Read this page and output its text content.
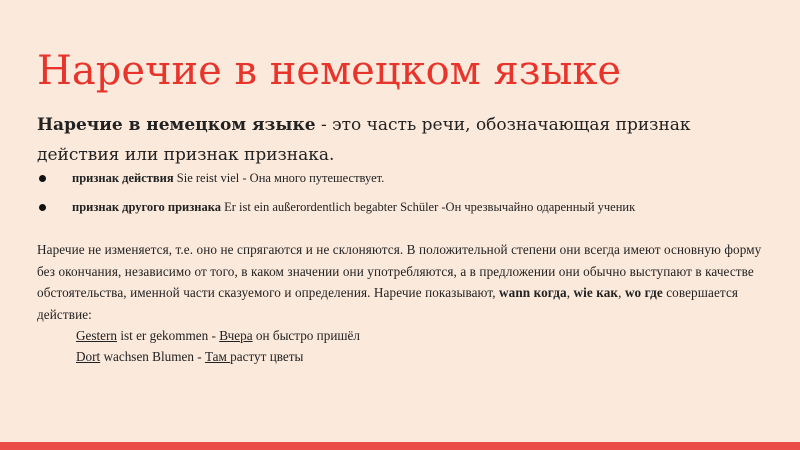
Наречие в немецком языке
Наречие в немецком языке - это часть речи, обозначающая признак действия или признак признака.
признак действия Sie reist viel - Она много путешествует.
признак другого признака Er ist ein außerordentlich begabter Schüler -Он чрезвычайно одаренный ученик
Наречие не изменяется, т.е. оно не спрягаются и не склоняются. В положительной степени они всегда имеют основную форму без окончания, независимо от того, в каком значении они употребляются, а в предложении они обычно выступают в качестве обстоятельства, именной части сказуемого и определения. Наречие показывают, wann когда, wie как, wo где совершается действие:
Gestern ist er gekommen - Вчера он быстро пришёл
Dort wachsen Blumen - Там растут цветы
